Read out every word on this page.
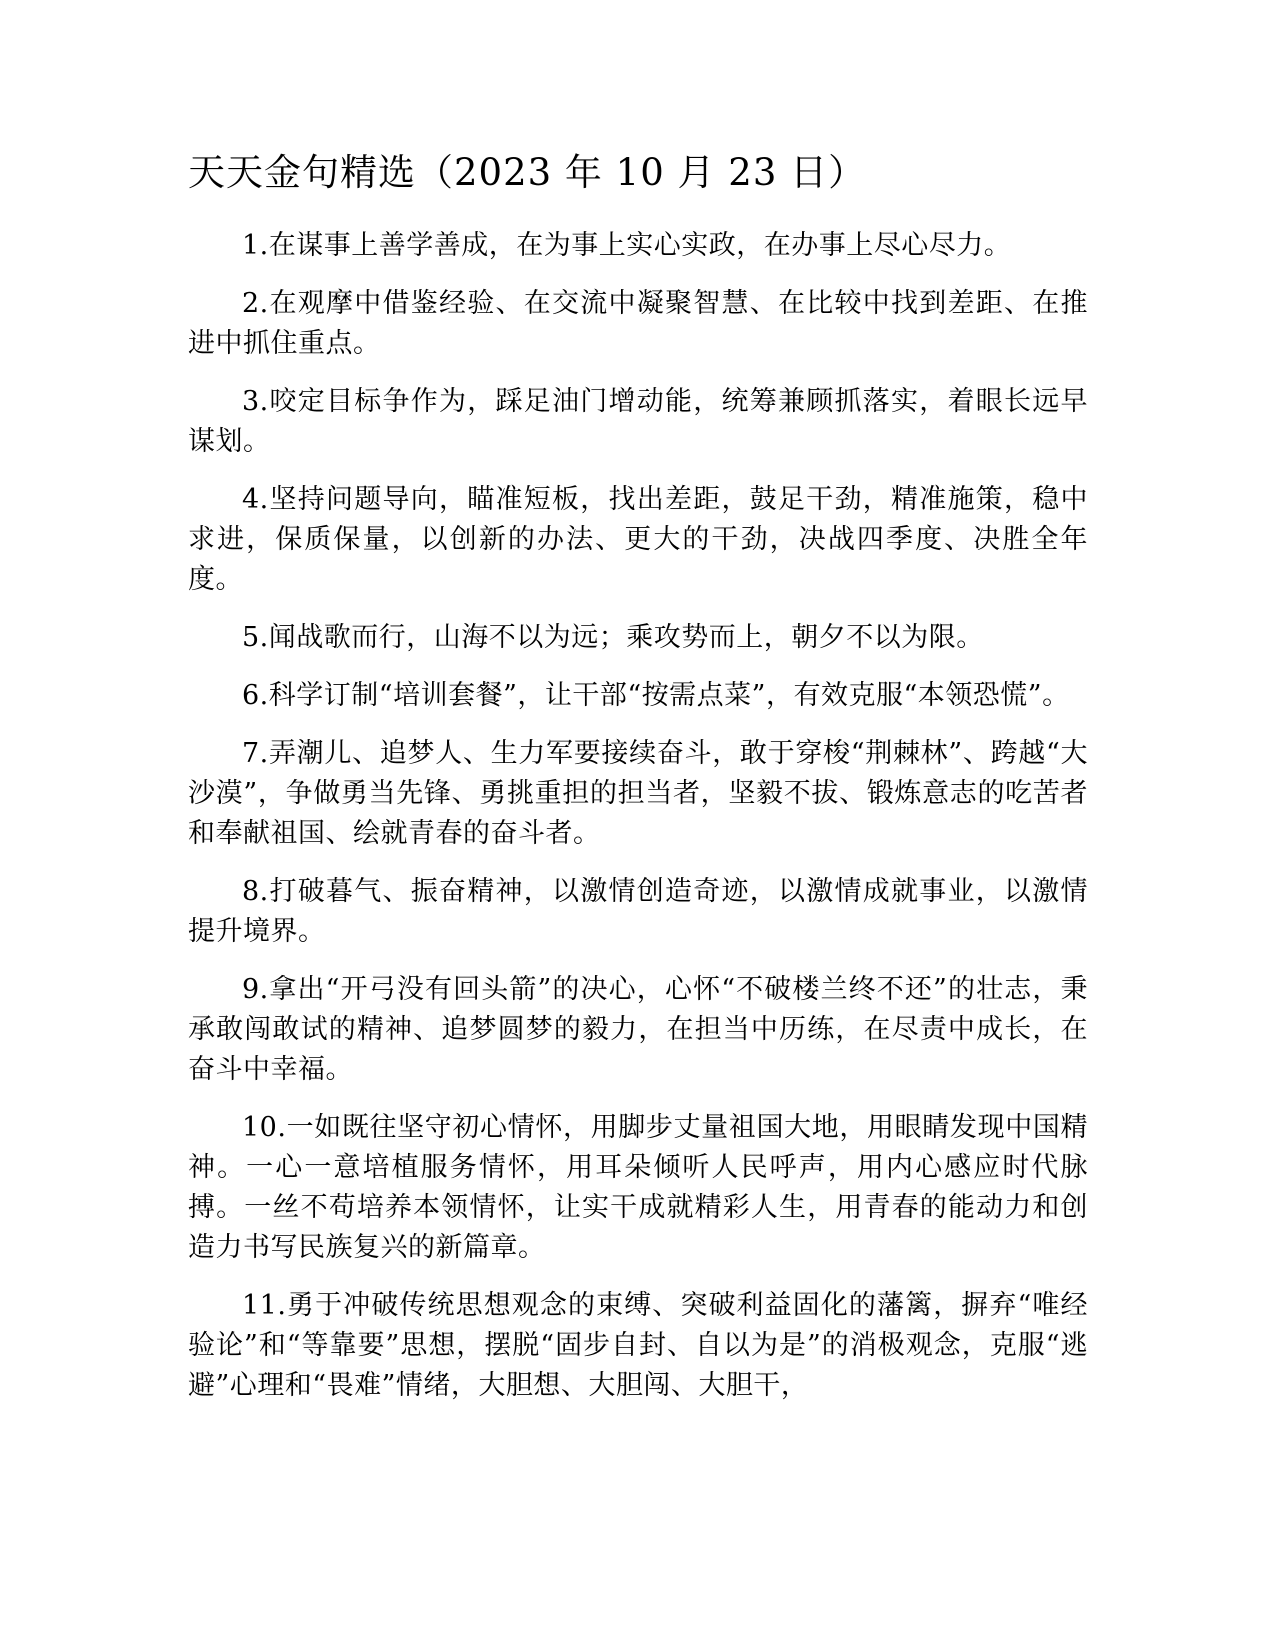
天天金句精选（2023 年 10 月 23 日）

1.在谋事上善学善成，在为事上实心实政，在办事上尽心尽力。

2.在观摩中借鉴经验、在交流中凝聚智慧、在比较中找到差距、在推进中抓住重点。

3.咬定目标争作为，踩足油门增动能，统筹兼顾抓落实，着眼长远早谋划。

4.坚持问题导向，瞄准短板，找出差距，鼓足干劲，精准施策，稳中求进，保质保量，以创新的办法、更大的干劲，决战四季度、决胜全年度。

5.闻战歌而行，山海不以为远；乘攻势而上，朝夕不以为限。

6.科学订制“培训套餐”，让干部“按需点菜”，有效克服“本领恐慌”。

7.弄潮儿、追梦人、生力军要接续奋斗，敢于穿梭“荆棘林”、跨越“大沙漠”，争做勇当先锋、勇挑重担的担当者，坚毅不拔、锻炼意志的吃苦者和奉献祖国、绘就青春的奋斗者。

8.打破暮气、振奋精神，以激情创造奇迹，以激情成就事业，以激情提升境界。

9.拿出“开弓没有回头箭”的决心，心怀“不破楼兰终不还”的壮志，秉承敢闯敢试的精神、追梦圆梦的毅力，在担当中历练，在尽责中成长，在奋斗中幸福。

10.一如既往坚守初心情怀，用脚步丈量祖国大地，用眼睛发现中国精神。一心一意培植服务情怀，用耳朵倾听人民呼声，用内心感应时代脉搏。一丝不苟培养本领情怀，让实干成就精彩人生，用青春的能动力和创造力书写民族复兴的新篇章。

11.勇于冲破传统思想观念的束缚、突破利益固化的藩篱，摒弃“唯经验论”和“等靠要”思想，摆脱“固步自封、自以为是”的消极观念，克服“逃避”心理和“畏难”情绪，大胆想、大胆闯、大胆干，
